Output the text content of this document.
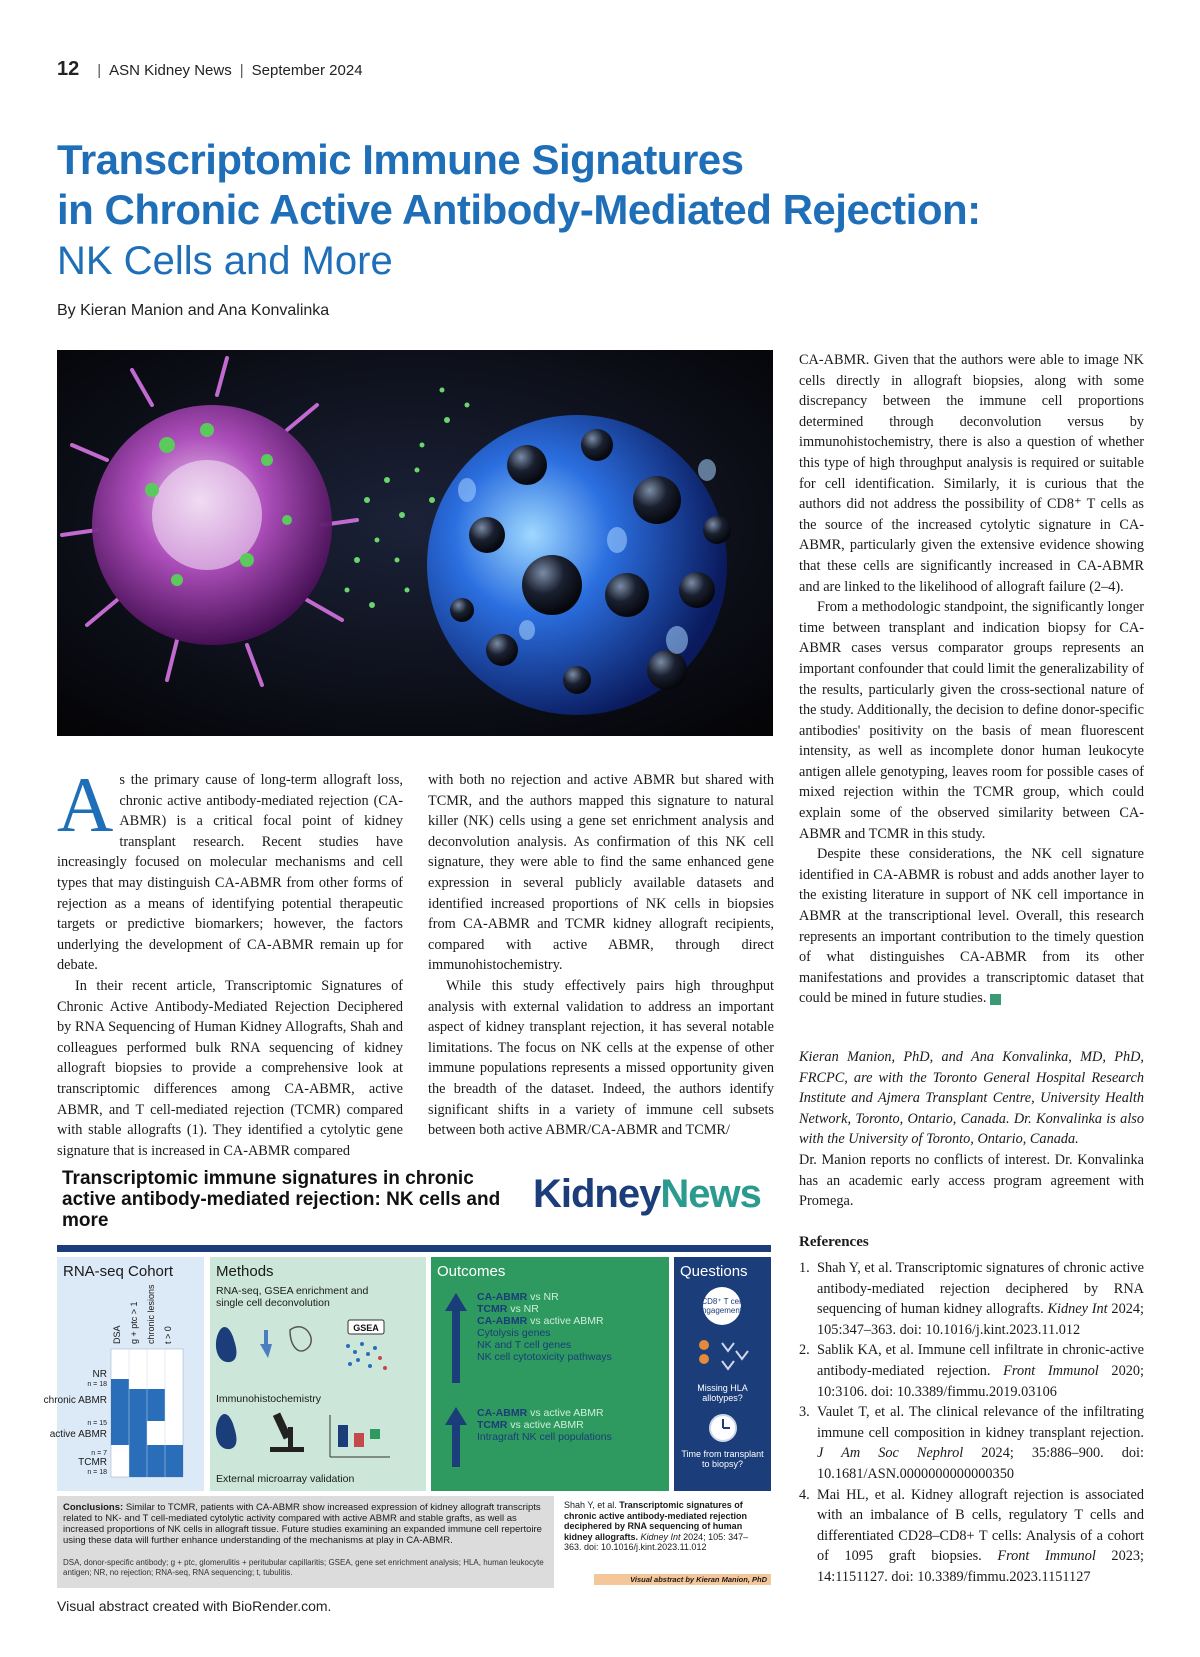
12 | ASN Kidney News | September 2024
Transcriptomic Immune Signatures
in Chronic Active Antibody-Mediated Rejection:
NK Cells and More
By Kieran Manion and Ana Konvalinka

As the primary cause of long-term allograft loss, chronic active antibody-mediated rejection (CA-ABMR) is a critical focal point of kidney transplant research. Recent studies have increasingly focused on molecular mechanisms and cell types that may distinguish CA-ABMR from other forms of rejection as a means of identifying potential therapeutic targets or predictive biomarkers; however, the factors underlying the development of CA-ABMR remain up for debate.

In their recent article, Transcriptomic Signatures of Chronic Active Antibody-Mediated Rejection Deciphered by RNA Sequencing of Human Kidney Allografts, Shah and colleagues performed bulk RNA sequencing of kidney allograft biopsies to provide a comprehensive look at transcriptomic differences among CA-ABMR, active ABMR, and T cell-mediated rejection (TCMR) compared with stable allografts (1). They identified a cytolytic gene signature that is increased in CA-ABMR compared

with both no rejection and active ABMR but shared with TCMR, and the authors mapped this signature to natural killer (NK) cells using a gene set enrichment analysis and deconvolution analysis. As confirmation of this NK cell signature, they were able to find the same enhanced gene expression in several publicly available datasets and identified increased proportions of NK cells in biopsies from CA-ABMR and TCMR kidney allograft recipients, compared with active ABMR, through direct immunohistochemistry.

While this study effectively pairs high throughput analysis with external validation to address an important aspect of kidney transplant rejection, it has several notable limitations. The focus on NK cells at the expense of other immune populations represents a missed opportunity given the breadth of the dataset. Indeed, the authors identify significant shifts in a variety of immune cell subsets between both active ABMR/CA-ABMR and TCMR/

CA-ABMR. Given that the authors were able to image NK cells directly in allograft biopsies, along with some discrepancy between the immune cell proportions determined through deconvolution versus by immunohistochemistry, there is also a question of whether this type of high throughput analysis is required or suitable for cell identification. Similarly, it is curious that the authors did not address the possibility of CD8⁺ T cells as the source of the increased cytolytic signature in CA-ABMR, particularly given the extensive evidence showing that these cells are significantly increased in CA-ABMR and are linked to the likelihood of allograft failure (2–4).

From a methodologic standpoint, the significantly longer time between transplant and indication biopsy for CA-ABMR cases versus comparator groups represents an important confounder that could limit the generalizability of the results, particularly given the cross-sectional nature of the study. Additionally, the decision to define donor-specific antibodies' positivity on the basis of mean fluorescent intensity, as well as incomplete donor human leukocyte antigen allele genotyping, leaves room for possible cases of mixed rejection within the TCMR group, which could explain some of the observed similarity between CA-ABMR and TCMR in this study.

Despite these considerations, the NK cell signature identified in CA-ABMR is robust and adds another layer to the existing literature in support of NK cell importance in ABMR at the transcriptional level. Overall, this research represents an important contribution to the timely question of what distinguishes CA-ABMR from its other manifestations and provides a transcriptomic dataset that could be mined in future studies.

Kieran Manion, PhD, and Ana Konvalinka, MD, PhD, FRCPC, are with the Toronto General Hospital Research Institute and Ajmera Transplant Centre, University Health Network, Toronto, Ontario, Canada. Dr. Konvalinka is also with the University of Toronto, Ontario, Canada.
Dr. Manion reports no conflicts of interest. Dr. Konvalinka has an academic early access program agreement with Promega.
References
1. Shah Y, et al. Transcriptomic signatures of chronic active antibody-mediated rejection deciphered by RNA sequencing of human kidney allografts. Kidney Int 2024; 105:347–363. doi: 10.1016/j.kint.2023.11.012
2. Sablik KA, et al. Immune cell infiltrate in chronic-active antibody-mediated rejection. Front Immunol 2020; 10:3106. doi: 10.3389/fimmu.2019.03106
3. Vaulet T, et al. The clinical relevance of the infiltrating immune cell composition in kidney transplant rejection. J Am Soc Nephrol 2024; 35:886–900. doi: 10.1681/ASN.0000000000000350
4. Mai HL, et al. Kidney allograft rejection is associated with an imbalance of B cells, regulatory T cells and differentiated CD28–CD8+ T cells: Analysis of a cohort of 1095 graft biopsies. Front Immunol 2023; 14:1151127. doi: 10.3389/fimmu.2023.1151127
Transcriptomic immune signatures in chronic active antibody-mediated rejection: NK cells and more
KidneyNews
RNA-seq Cohort
DSA g + ptc > 1 chronic lesions t > 0
NR
n = 18
chronic ABMR
n = 15
active ABMR
n = 7
TCMR
n = 18
Methods
RNA-seq, GSEA enrichment and single cell deconvolution
GSEA
Immunohistochemistry
External microarray validation
Outcomes
CA-ABMR vs NR
TCMR vs NR
CA-ABMR vs active ABMR
Cytolysis genes
NK and T cell genes
NK cell cytotoxicity pathways
CA-ABMR vs active ABMR
TCMR vs active ABMR
Intragraft NK cell populations
Questions
CD8⁺ T cell engagement?
Missing HLA allotypes?
Time from transplant to biopsy?
Conclusions: Similar to TCMR, patients with CA-ABMR show increased expression of kidney allograft transcripts related to NK- and T cell-mediated cytolytic activity compared with active ABMR and stable grafts, as well as increased proportions of NK cells in allograft tissue. Future studies examining an expanded immune cell repertoire using these data will further enhance understanding of the mechanisms at play in CA-ABMR.
DSA, donor-specific antibody; g + ptc, glomerulitis + peritubular capillaritis; GSEA, gene set enrichment analysis; HLA, human leukocyte antigen; NR, no rejection; RNA-seq, RNA sequencing; t, tubulitis.
Shah Y, et al. Transcriptomic signatures of chronic active antibody-mediated rejection deciphered by RNA sequencing of human kidney allografts. Kidney Int 2024; 105: 347–363. doi: 10.1016/j.kint.2023.11.012
Visual abstract by Kieran Manion, PhD
Visual abstract created with BioRender.com.
